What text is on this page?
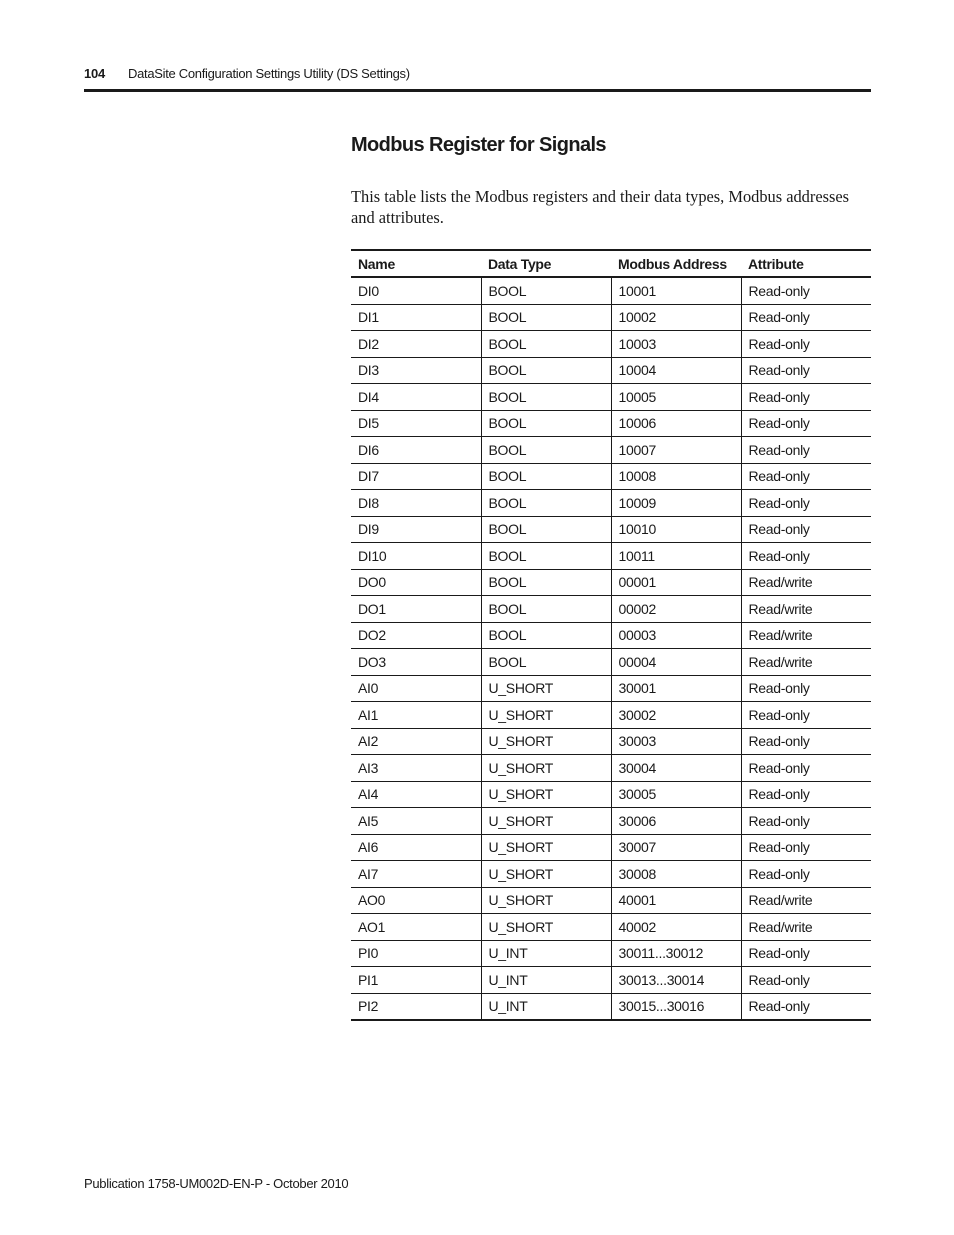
104 DataSite Configuration Settings Utility (DS Settings)
Modbus Register for Signals

This table lists the Modbus registers and their data types, Modbus addresses and attributes.

Name	Data Type	Modbus Address	Attribute
DI0	BOOL	10001	Read-only
DI1	BOOL	10002	Read-only
DI2	BOOL	10003	Read-only
DI3	BOOL	10004	Read-only
DI4	BOOL	10005	Read-only
DI5	BOOL	10006	Read-only
DI6	BOOL	10007	Read-only
DI7	BOOL	10008	Read-only
DI8	BOOL	10009	Read-only
DI9	BOOL	10010	Read-only
DI10	BOOL	10011	Read-only
DO0	BOOL	00001	Read/write
DO1	BOOL	00002	Read/write
DO2	BOOL	00003	Read/write
DO3	BOOL	00004	Read/write
AI0	U_SHORT	30001	Read-only
AI1	U_SHORT	30002	Read-only
AI2	U_SHORT	30003	Read-only
AI3	U_SHORT	30004	Read-only
AI4	U_SHORT	30005	Read-only
AI5	U_SHORT	30006	Read-only
AI6	U_SHORT	30007	Read-only
AI7	U_SHORT	30008	Read-only
AO0	U_SHORT	40001	Read/write
AO1	U_SHORT	40002	Read/write
PI0	U_INT	30011...30012	Read-only
PI1	U_INT	30013...30014	Read-only
PI2	U_INT	30015...30016	Read-only
Publication 1758-UM002D-EN-P - October 2010
